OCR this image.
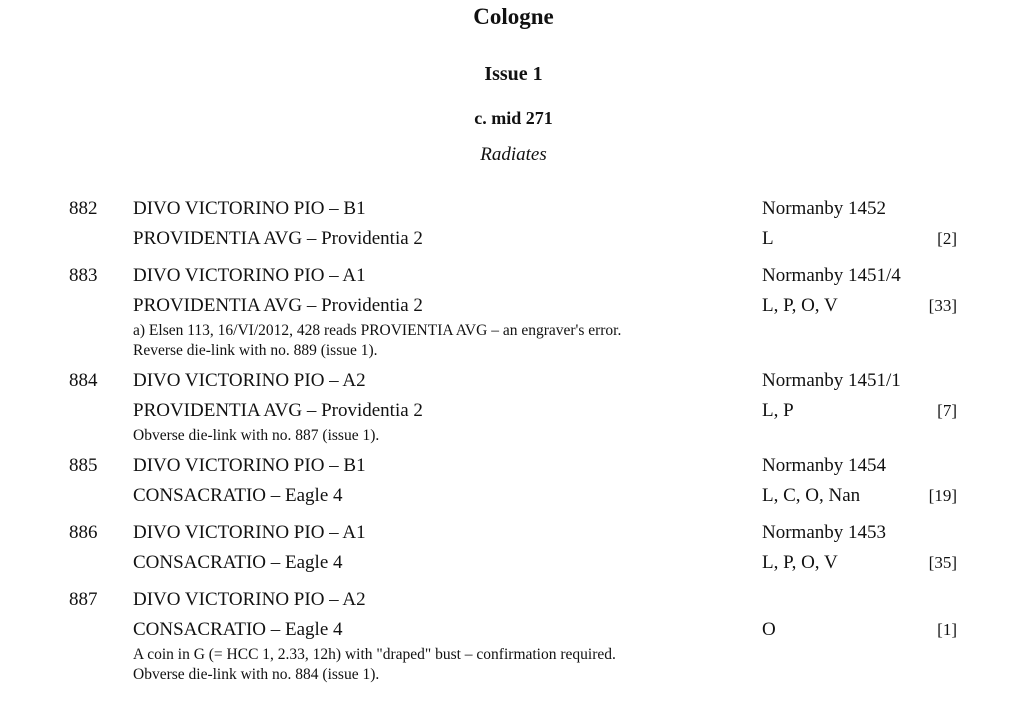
Cologne
Issue 1
c. mid 271
Radiates
882 DIVO VICTORINO PIO – B1	Normanby 1452
PROVIDENTIA AVG – Providentia 2	L	[2]
883 DIVO VICTORINO PIO – A1	Normanby 1451/4
PROVIDENTIA AVG – Providentia 2	L, P, O, V	[33]
a) Elsen 113, 16/VI/2012, 428 reads PROVIENTIA AVG – an engraver's error.
Reverse die-link with no. 889 (issue 1).
884 DIVO VICTORINO PIO – A2	Normanby 1451/1
PROVIDENTIA AVG – Providentia 2	L, P	[7]
Obverse die-link with no. 887 (issue 1).
885 DIVO VICTORINO PIO – B1	Normanby 1454
CONSACRATIO – Eagle 4	L, C, O, Nan	[19]
886 DIVO VICTORINO PIO – A1	Normanby 1453
CONSACRATIO – Eagle 4	L, P, O, V	[35]
887 DIVO VICTORINO PIO – A2
CONSACRATIO – Eagle 4	O	[1]
A coin in G (= HCC 1, 2.33, 12h) with "draped" bust – confirmation required.
Obverse die-link with no. 884 (issue 1).
